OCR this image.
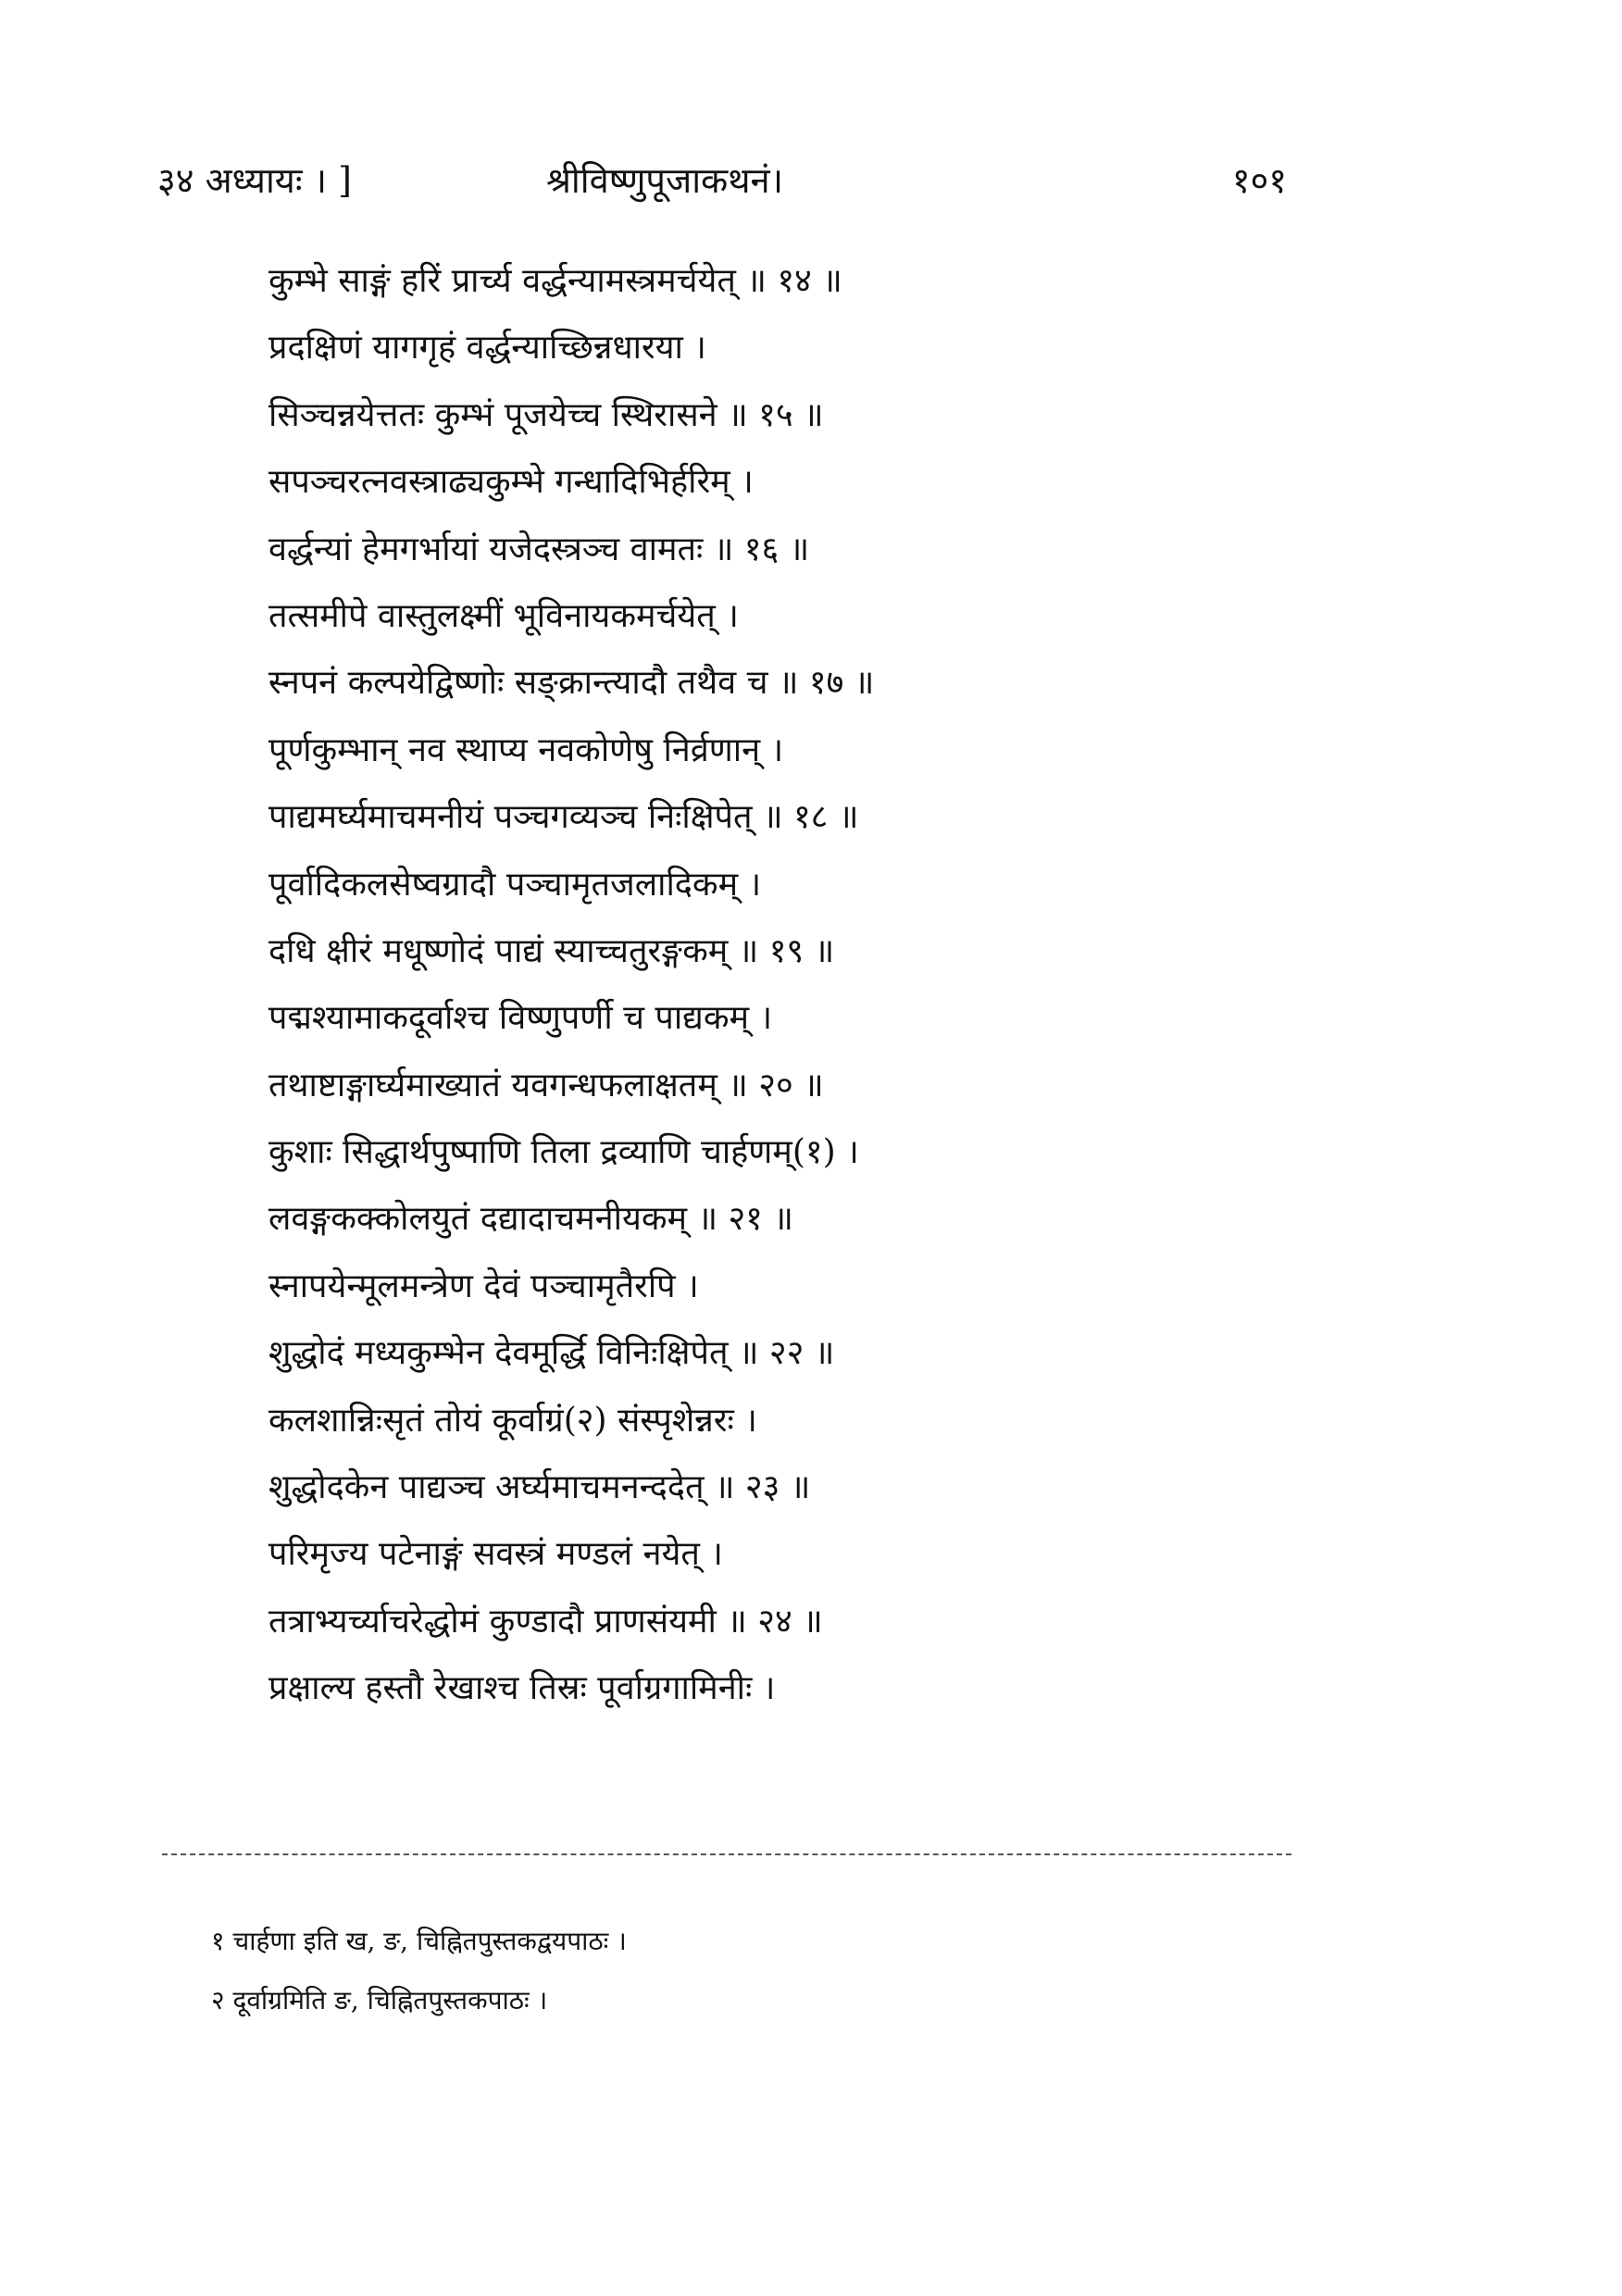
३४ अध्यायः । ]	श्रीविष्णुपूजाकथनं।	१०१
कुम्भे साङ्गं हरिं प्रार्च्य वर्द्धन्यामस्त्रमर्चयेत् ॥ १४ ॥
प्रदक्षिणं यागगृहं वर्द्धन्याच्छिन्नधारया ।
सिञ्चन्नयेत्ततः कुम्भं पूजयेच्च स्थिरासने ॥ १५ ॥
सपञ्चरत्नवस्त्राढ्यकुम्भे गन्धादिभिर्हरिम् ।
वर्द्धन्यां हेमगर्भायां यजेदस्त्रञ्च वामतः ॥ १६ ॥
तत्समीपे वास्तुलक्ष्मीं भूविनायकमर्चयेत् ।
स्नपनं कल्पयेद्विष्णोः सङ्क्रान्त्यादौ तथैव च ॥ १७ ॥
पूर्णकुम्भान् नव स्थाप्य नवकोणेषु निर्व्रणान् ।
पाद्यमर्घ्यमाचमनीयं पञ्चगव्यञ्च निःक्षिपेत् ॥ १८ ॥
पूर्वादिकलसेष्वग्रादौ पञ्चामृतजलादिकम् ।
दधि क्षीरं मधूष्णोदं पाद्यं स्याच्चतुरङ्गकम् ॥ १९ ॥
पद्मश्यामाकदूर्वाश्च विष्णुपर्णी च पाद्यकम् ।
तथाष्टाङ्गार्घ्यमाख्यातं यवगन्धफलाक्षतम् ॥ २० ॥
कुशाः सिद्धार्थपुष्पाणि तिला द्रव्याणि चार्हणम्(१) ।
लवङ्गकक्कोलयुतं दद्यादाचमनीयकम् ॥ २१ ॥
स्नापयेन्मूलमन्त्रेण देवं पञ्चामृतैरपि ।
शुद्धोदं मध्यकुम्भेन देवमूर्द्धि विनिःक्षिपेत् ॥ २२ ॥
कलशान्निःसृतं तोयं कूर्वाग्रं(२) संस्पृशेन्नरः ।
शुद्धोदकेन पाद्यञ्च अर्घ्यमाचमनन्ददेत् ॥ २३ ॥
परिमृज्य पटेनाङ्गं सवस्त्रं मण्डलं नयेत् ।
तत्राभ्यर्च्याचरेद्धोमं कुण्डादौ प्राणसंयमी ॥ २४ ॥
प्रक्षाल्य हस्तौ रेखाश्च तिस्रः पूर्वाग्रगामिनीः ।
१ चार्हणा इति ख, ङ, चिह्नितपुस्तकद्वयपाठः ।
२ दूर्वाग्रमिति ङ, चिह्नितपुस्तकपाठः ।
